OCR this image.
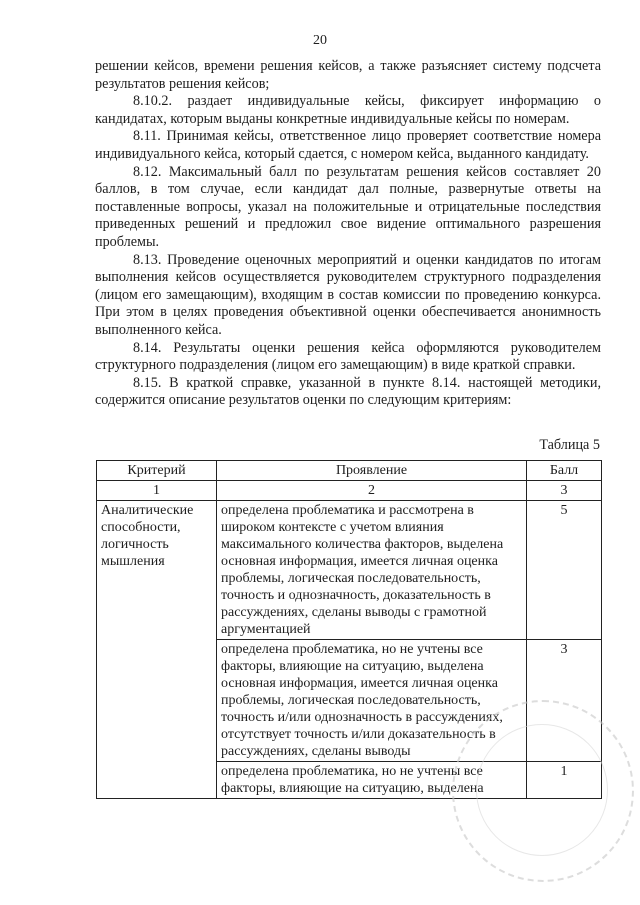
20

решении кейсов, времени решения кейсов, а также разъясняет систему подсчета результатов решения кейсов;

8.10.2. раздает индивидуальные кейсы, фиксирует информацию о кандидатах, которым выданы конкретные индивидуальные кейсы по номерам.

8.11. Принимая кейсы, ответственное лицо проверяет соответствие номера индивидуального кейса, который сдается, с номером кейса, выданного кандидату.

8.12. Максимальный балл по результатам решения кейсов составляет 20 баллов, в том случае, если кандидат дал полные, развернутые ответы на поставленные вопросы, указал на положительные и отрицательные последствия приведенных решений и предложил свое видение оптимального разрешения проблемы.

8.13. Проведение оценочных мероприятий и оценки кандидатов по итогам выполнения кейсов осуществляется руководителем структурного подразделения (лицом его замещающим), входящим в состав комиссии по проведению конкурса. При этом в целях проведения объективной оценки обеспечивается анонимность выполненного кейса.

8.14. Результаты оценки решения кейса оформляются руководителем структурного подразделения (лицом его замещающим) в виде краткой справки.

8.15. В краткой справке, указанной в пункте 8.14. настоящей методики, содержится описание результатов оценки по следующим критериям:

Таблица 5
Критерий	Проявление	Балл
1	2	3
Аналитические способности, логичность мышления	определена проблематика и рассмотрена в широком контексте с учетом влияния максимального количества факторов, выделена основная информация, имеется личная оценка проблемы, логическая последовательность, точность и однозначность, доказательность в рассуждениях, сделаны выводы с грамотной аргументацией	5
	определена проблематика, но не учтены все факторы, влияющие на ситуацию, выделена основная информация, имеется личная оценка проблемы, логическая последовательность, точность и/или однозначность в рассуждениях, отсутствует точность и/или доказательность в рассуждениях, сделаны выводы	3
	определена проблематика, но не учтены все факторы, влияющие на ситуацию, выделена	1
